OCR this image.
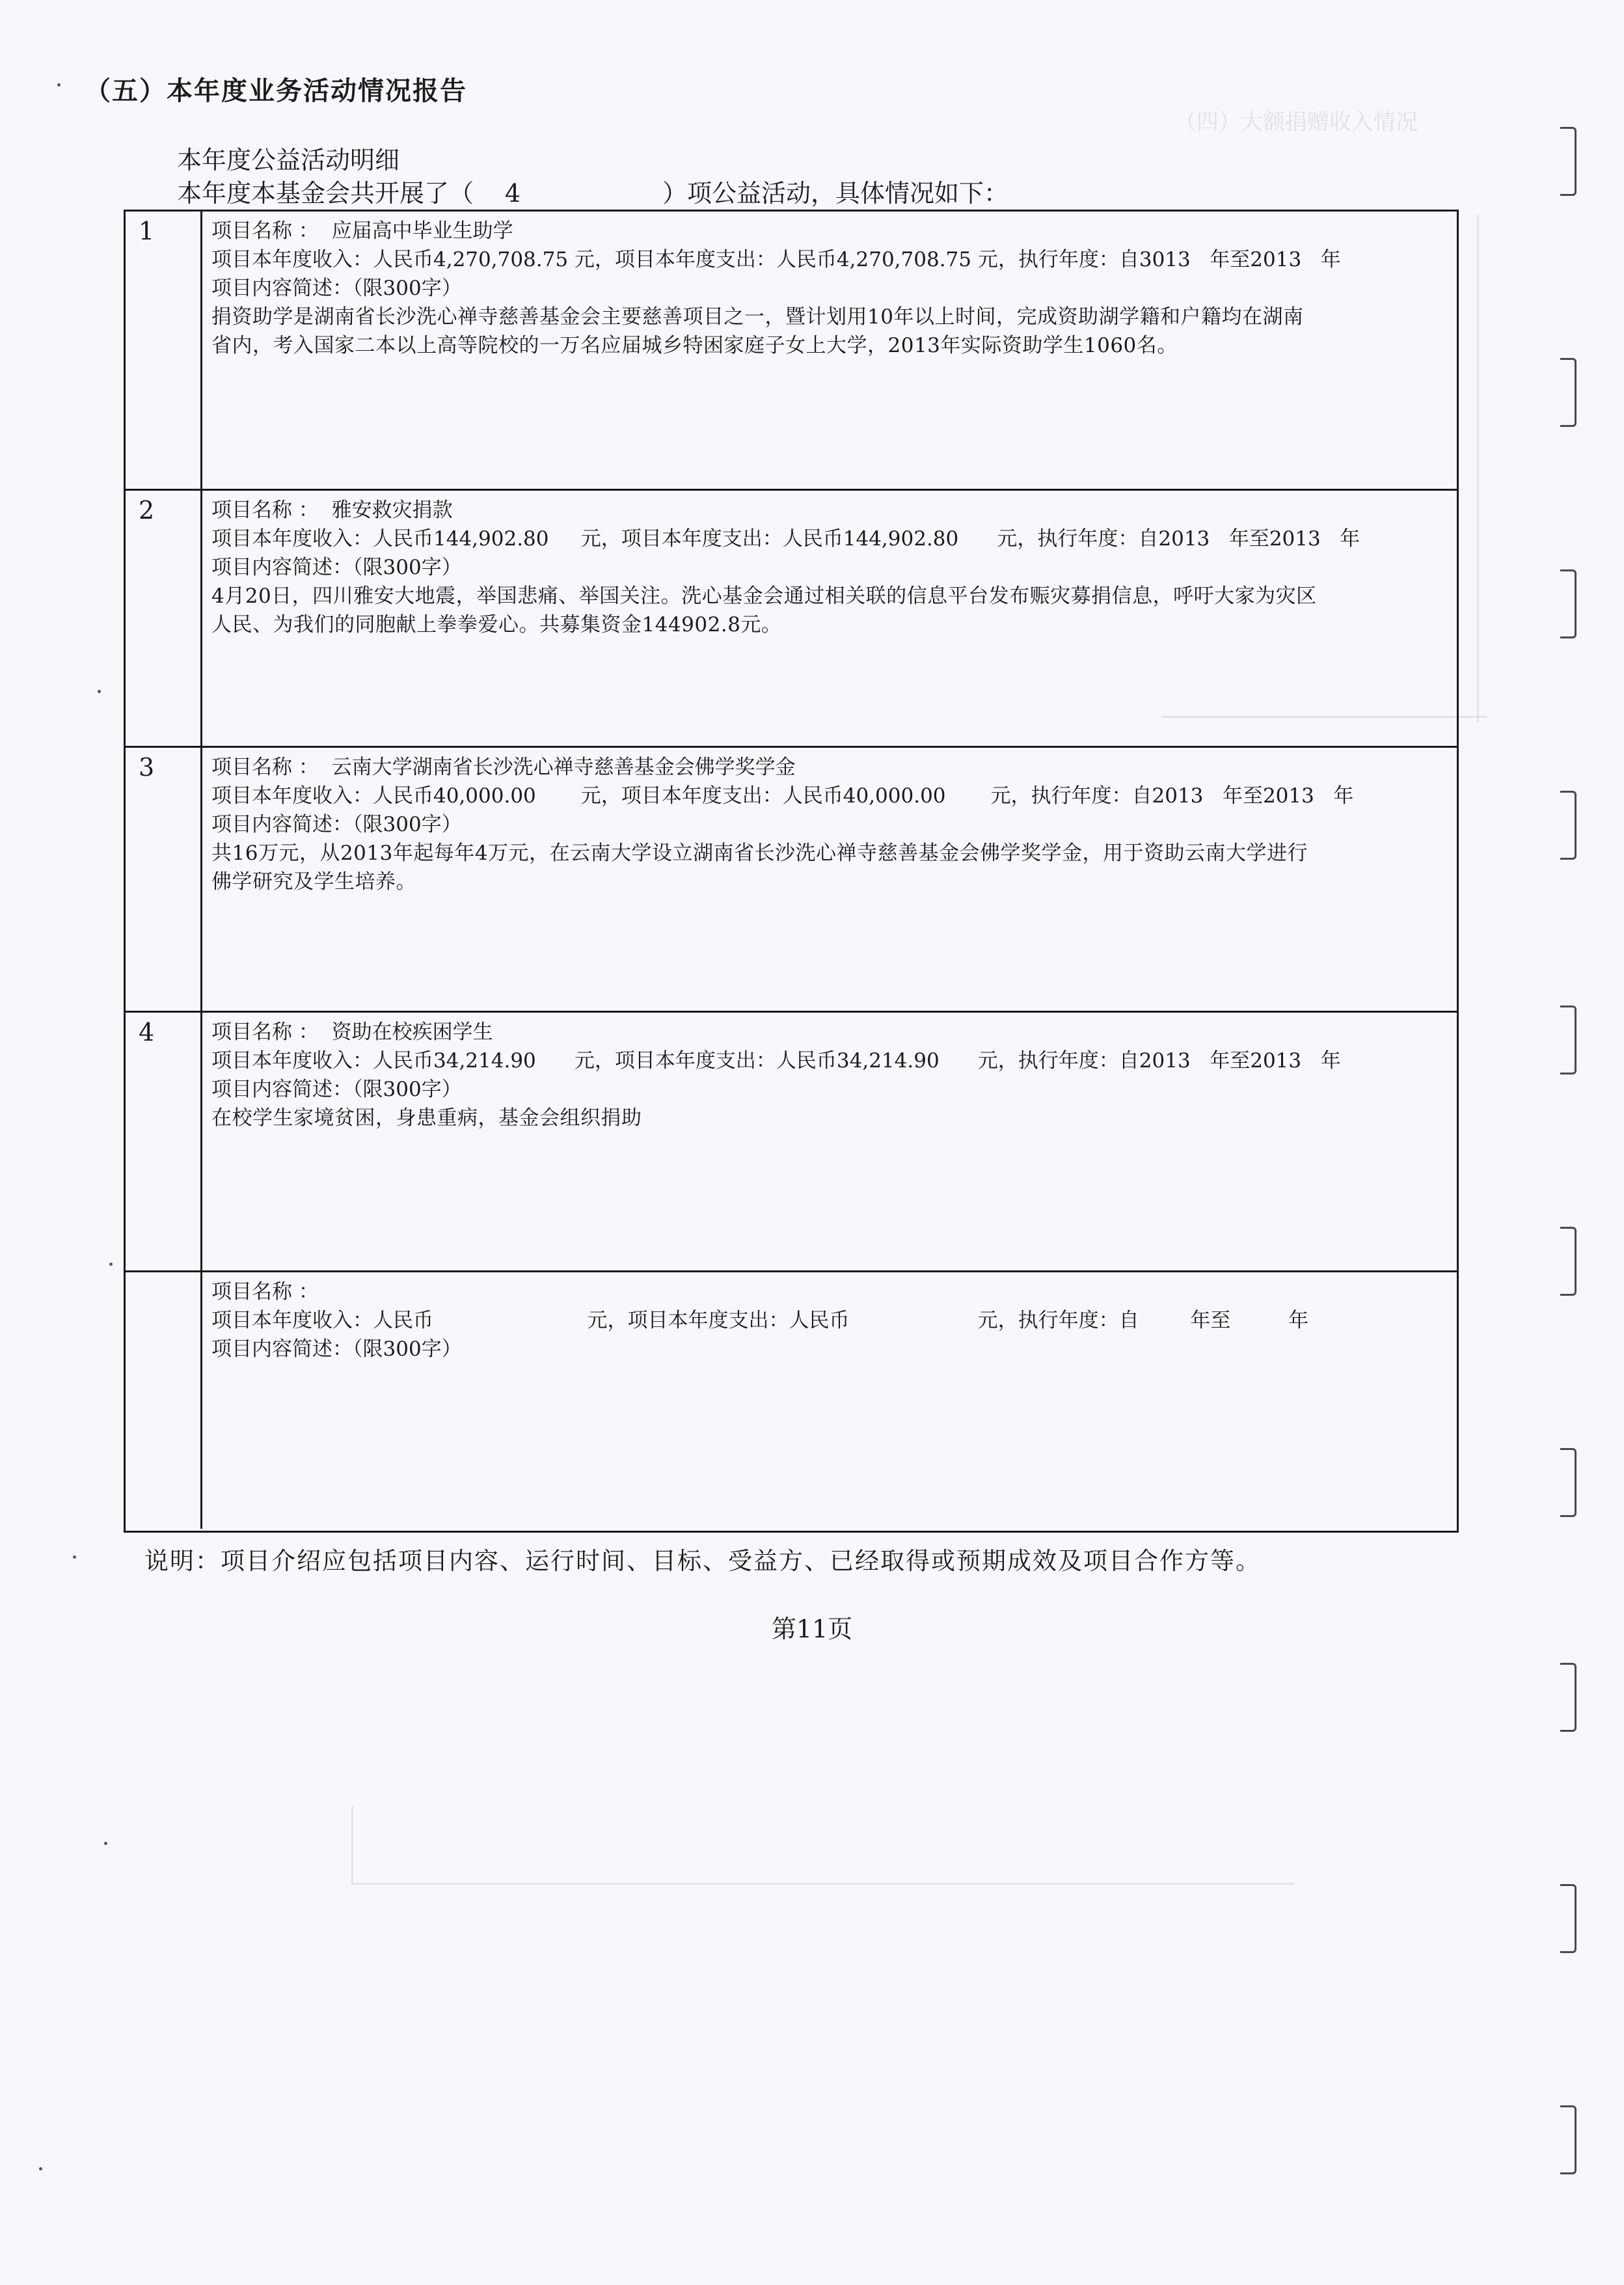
（四）大额捐赠收入情况
（五）本年度业务活动情况报告
本年度公益活动明细
本年度本基金会共开展了（ 4	）项公益活动，具体情况如下：
1	项目名称 ： 应届高中毕业生助学
项目本年度收入：人民币4,270,708.75 元，项目本年度支出：人民币4,270,708.75 元，执行年度：自3013   年至2013   年
项目内容简述：（限300字）
捐资助学是湖南省长沙洗心禅寺慈善基金会主要慈善项目之一，暨计划用10年以上时间，完成资助湖学籍和户籍均在湖南省内，考入国家二本以上高等院校的一万名应届城乡特困家庭子女上大学，2013年实际资助学生1060名。
2	项目名称 ： 雅安救灾捐款
项目本年度收入：人民币144,902.80     元，项目本年度支出：人民币144,902.80      元，执行年度：自2013   年至2013   年
项目内容简述：（限300字）
4月20日，四川雅安大地震，举国悲痛、举国关注。洗心基金会通过相关联的信息平台发布赈灾募捐信息，呼吁大家为灾区人民、为我们的同胞献上拳拳爱心。共募集资金144902.8元。
3	项目名称 ： 云南大学湖南省长沙洗心禅寺慈善基金会佛学奖学金
项目本年度收入：人民币40,000.00       元，项目本年度支出：人民币40,000.00       元，执行年度：自2013   年至2013   年
项目内容简述：（限300字）
共16万元，从2013年起每年4万元，在云南大学设立湖南省长沙洗心禅寺慈善基金会佛学奖学金，用于资助云南大学进行佛学研究及学生培养。
4	项目名称 ： 资助在校疾困学生
项目本年度收入：人民币34,214.90      元，项目本年度支出：人民币34,214.90      元，执行年度：自2013   年至2013   年
项目内容简述：（限300字）
在校学生家境贫困，身患重病，基金会组织捐助
项目名称 ：
项目本年度收入：人民币                        元，项目本年度支出：人民币                    元，执行年度：自        年至         年
项目内容简述：（限300字）
说明：项目介绍应包括项目内容、运行时间、目标、受益方、已经取得或预期成效及项目合作方等。
第11页
